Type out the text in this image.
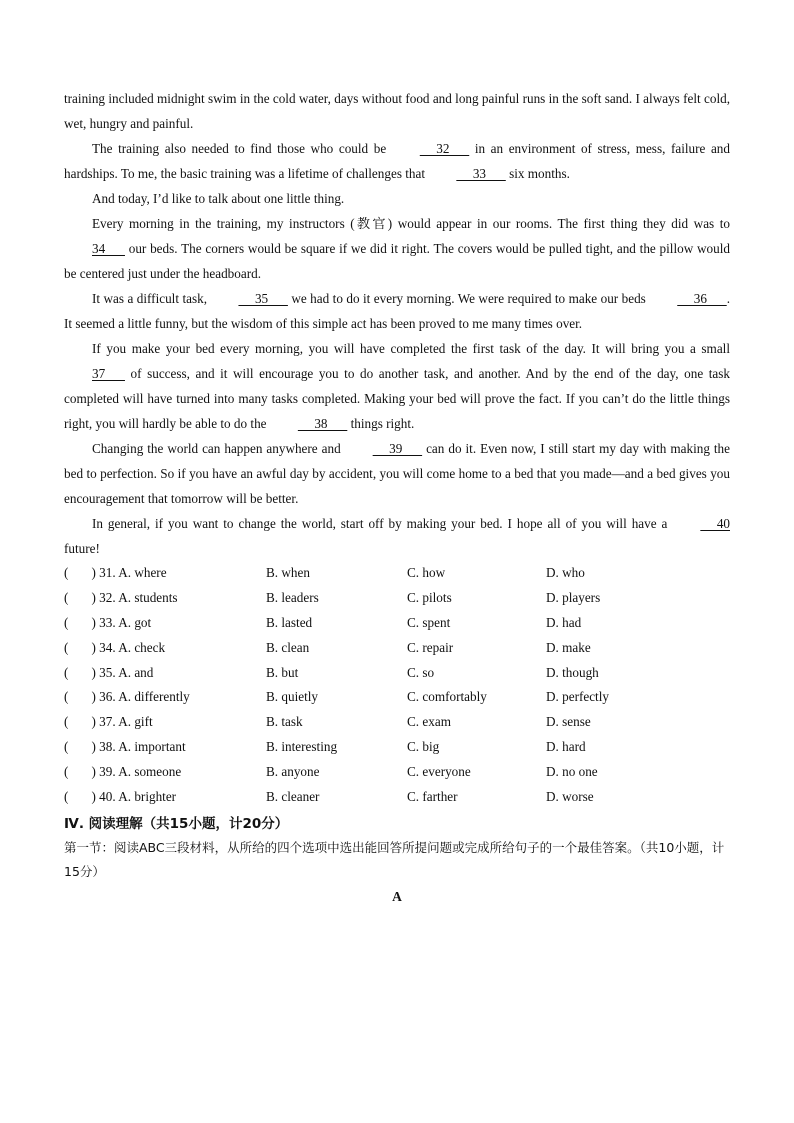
training included midnight swim in the cold water, days without food and long painful runs in the soft sand. I always felt cold, wet, hungry and painful.

The training also needed to find those who could be      32       in an environment of stress, mess, failure and hardships. To me, the basic training was a lifetime of challenges that      33       six months.

And today, I’d like to talk about one little thing.

Every morning in the training, my instructors (教官) would appear in our rooms. The first thing they did was to 34       our beds. The corners would be square if we did it right. The covers would be pulled tight, and the pillow would be centered just under the headboard.

It was a difficult task,      35       we had to do it every morning. We were required to make our beds      36      . It seemed a little funny, but the wisdom of this simple act has been proved to me many times over.

If you make your bed every morning, you will have completed the first task of the day. It will bring you a small 37       of success, and it will encourage you to do another task, and another. And by the end of the day, one task completed will have turned into many tasks completed. Making your bed will prove the fact. If you can’t do the little things right, you will hardly be able to do the      38       things right.

Changing the world can happen anywhere and      39       can do it. Even now, I still start my day with making the bed to perfection. So if you have an awful day by accident, you will come home to a bed that you made—and a bed gives you encouragement that tomorrow will be better.

In general, if you want to change the world, start off by making your bed. I hope all of you will have a      40 future!

(       ) 31. A. where	B. when	C. how	D. who
(       ) 32. A. students	B. leaders	C. pilots	D. players
(       ) 33. A. got	B. lasted	C. spent	D. had
(       ) 34. A. check	B. clean	C. repair	D. make
(       ) 35. A. and	B. but	C. so	D. though
(       ) 36. A. differently	B. quietly	C. comfortably	D. perfectly
(       ) 37. A. gift	B. task	C. exam	D. sense
(       ) 38. A. important	B. interesting	C. big	D. hard
(       ) 39. A. someone	B. anyone	C. everyone	D. no one
(       ) 40. A. brighter	B. cleaner	C. farther	D. worse

Ⅳ. 阅读理解（共15小题，计20分）

第一节：阅读ABC三段材料，从所给的四个选项中选出能回答所提问题或完成所给句子的一个最佳答案。（共10小题，计15分）

A
